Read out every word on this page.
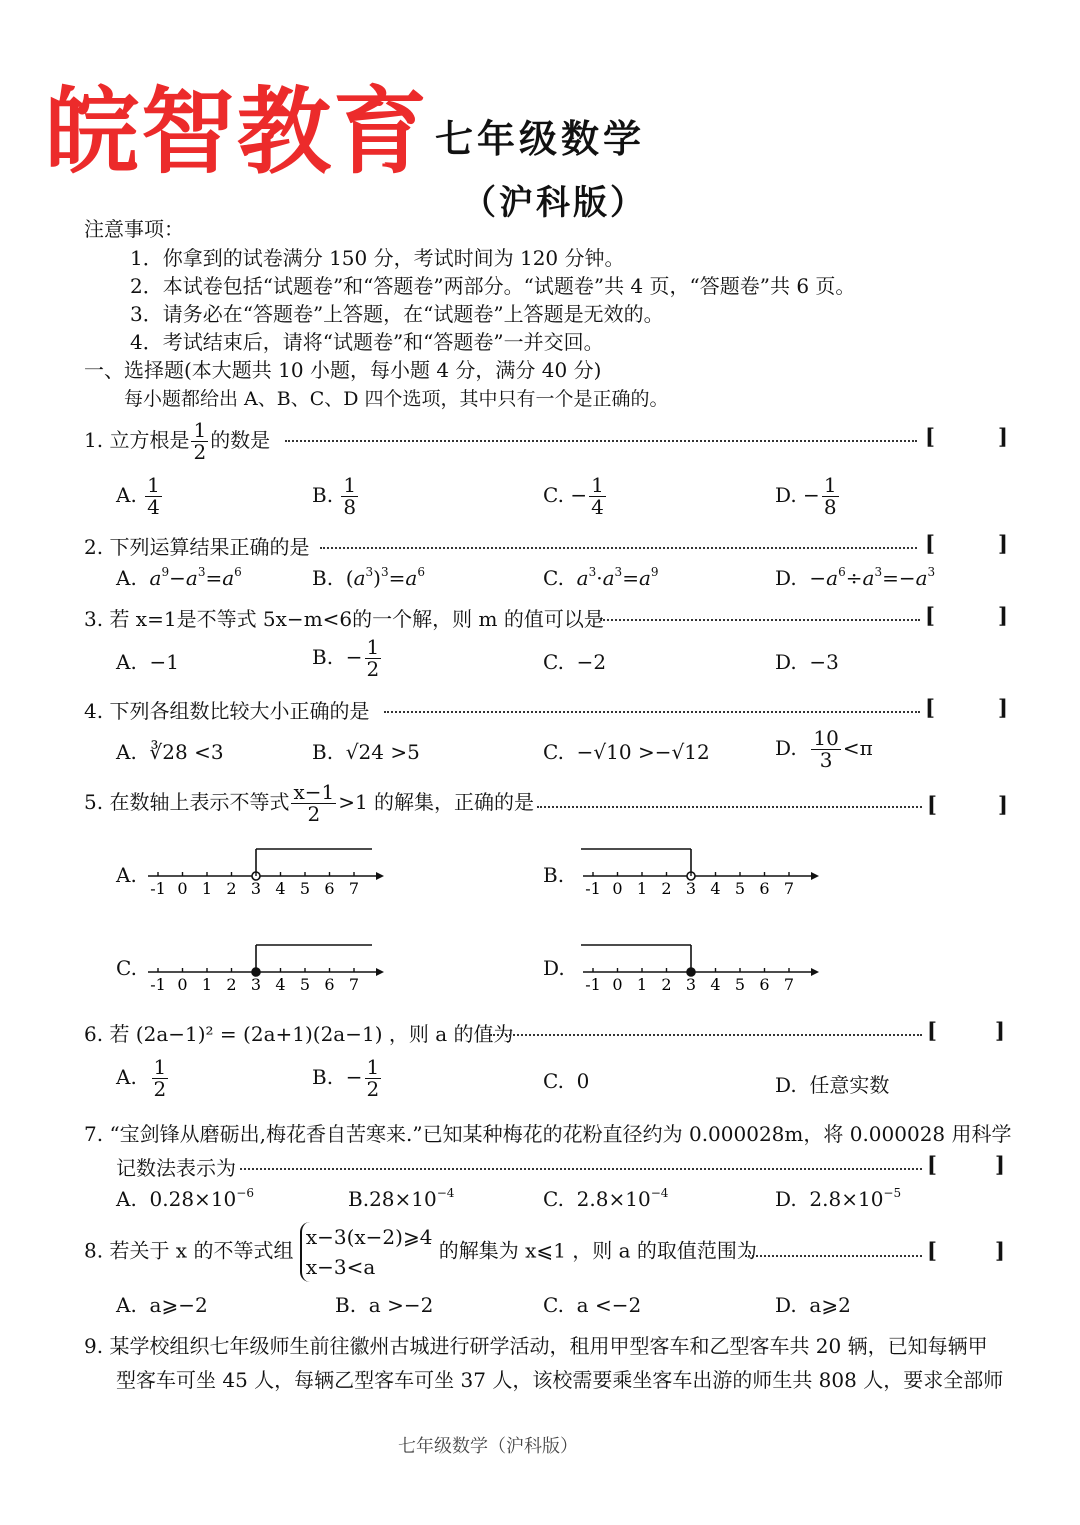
皖智教育 七年级数学
（沪科版）
注意事项：
1．你拿到的试卷满分 150 分，考试时间为 120 分钟。
2．本试卷包括“试题卷”和“答题卷”两部分。“试题卷”共 4 页，“答题卷”共 6 页。
3．请务必在“答题卷”上答题，在“试题卷”上答题是无效的。
4．考试结束后，请将“试题卷”和“答题卷”一并交回。
一、选择题(本大题共 10 小题，每小题 4 分，满分 40 分)
每小题都给出 A、B、C、D 四个选项，其中只有一个是正确的。
1. 立方根是 $\frac{1}{2}$ 的数是	[	]
A. $\frac{1}{4}$	B. $\frac{1}{8}$	C. − $\frac{1}{4}$	D. − $\frac{1}{8}$
2. 下列运算结果正确的是	[	]
A. $a^9-a^3=a^6$	B.  $(a^3)^3=a^6$	C. $a^3\cdot a^3=a^9$	D.  $-a^6\div a^3=-a^3$
3. 若 x=1是不等式 5x−m<6的一个解，则 m 的值可以是	[	]
A. −1	B. − $\frac{1}{2}$	C. −2	D. −3
4. 下列各组数比较大小正确的是	[	]
A. ∛28 <3	B. √24 >5	C. −√10 >−√12	D. $\frac{10}{3} <\pi$
5. 在数轴上表示不等式 $\frac{x-1}{2} >1$ 的解集，正确的是	[	]
A.	B.
C.	D.
-1 0 1 2 3 4 5 6 7	-1 0 1 2 3 4 5 6 7
-1 0 1 2 3 4 5 6 7	-1 0 1 2 3 4 5 6 7
6. 若 (2a−1)² = (2a+1)(2a−1) ，则 a 的值为	[	]
A. $\frac{1}{2}$	B. − $\frac{1}{2}$	C. 0	D. 任意实数
7. “宝剑锋从磨砺出,梅花香自苦寒来.”已知某种梅花的花粉直径约为 0.000028m，将 0.000028 用科学
记数法表示为	[	]
A.  $0.28\times 10^{-6}$	$B.28\times 10^{-4}$	C.  $2.8\times 10^{-4}$	D.  $2.8\times 10^{-5}$
8. 若关于 x 的不等式组
x−3(x−2)⩾4
x−3<a
的解集为 x⩽1 ，则 a 的取值范围为	[	]
A. a⩾−2	B. a >−2	C. a <−2	D. a⩾2
9. 某学校组织七年级师生前往徽州古城进行研学活动，租用甲型客车和乙型客车共 20 辆，已知每辆甲
型客车可坐 45 人，每辆乙型客车可坐 37 人，该校需要乘坐客车出游的师生共 808 人，要求全部师
七年级数学（沪科版）
